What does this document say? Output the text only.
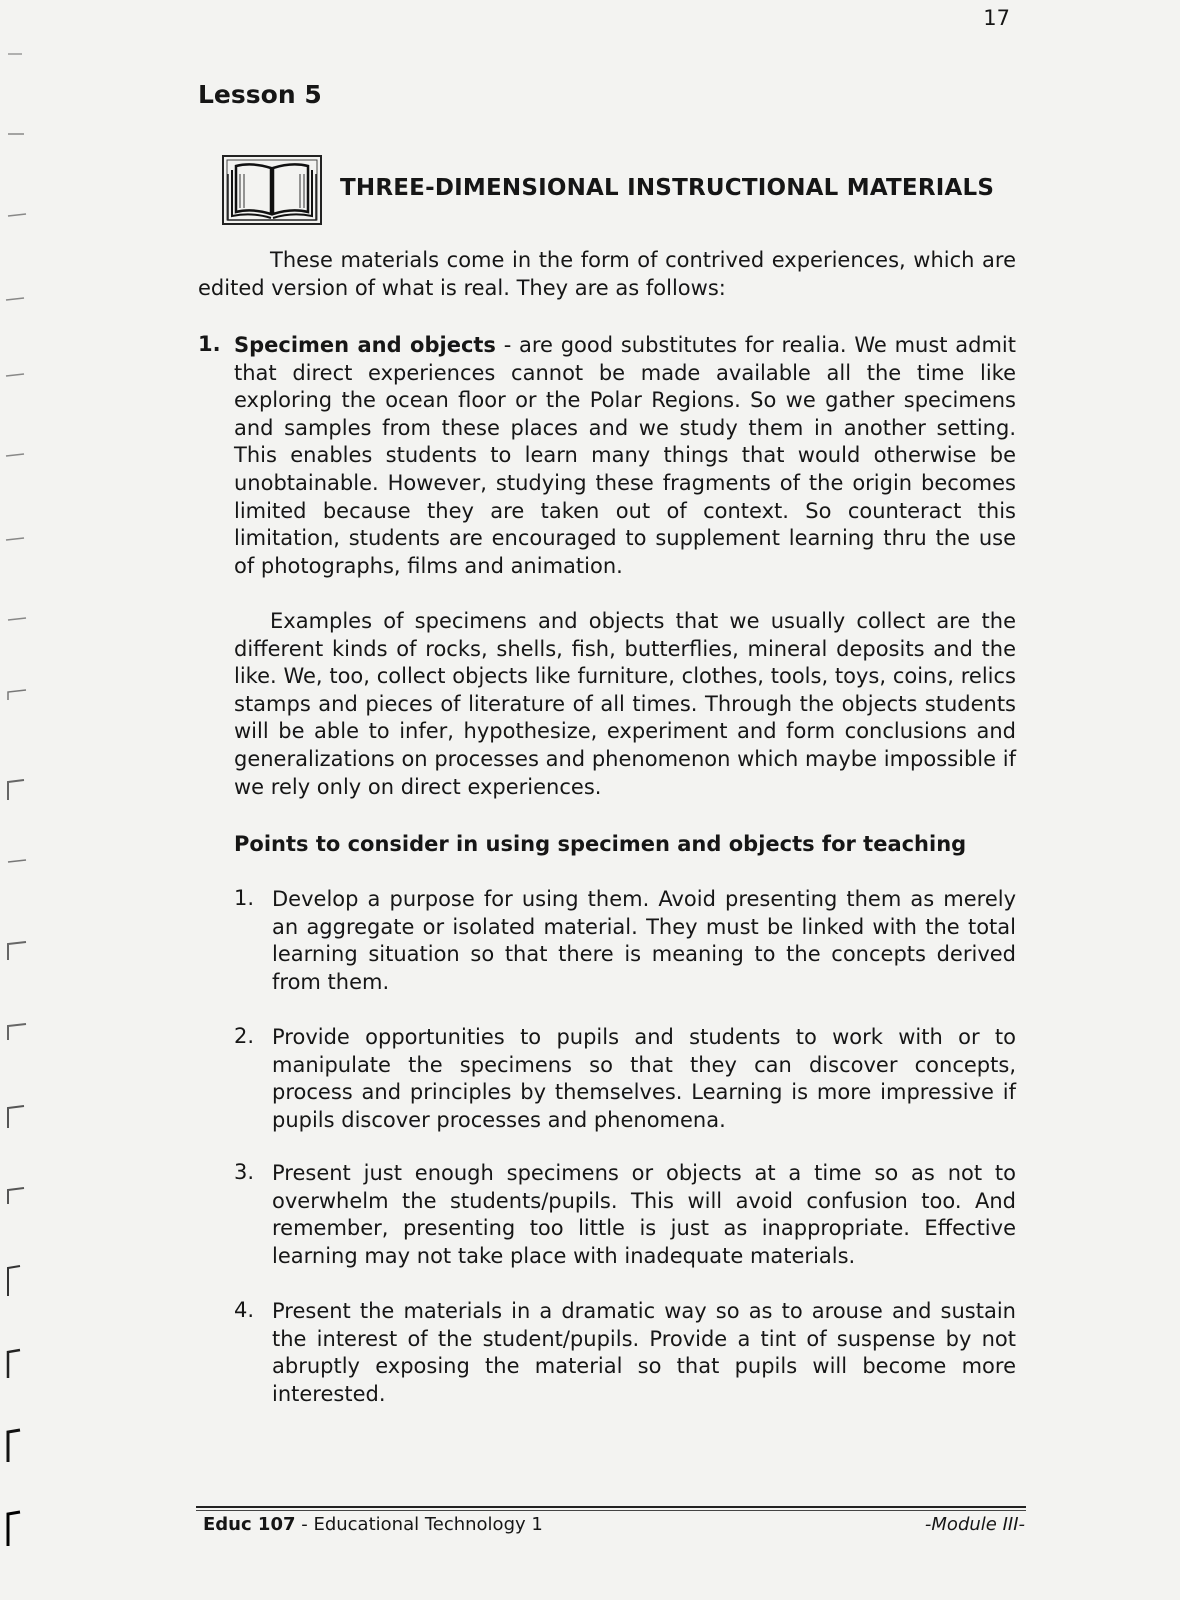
17
Lesson 5
THREE-DIMENSIONAL INSTRUCTIONAL MATERIALS

These materials come in the form of contrived experiences, which are edited version of what is real. They are as follows:

1. Specimen and objects - are good substitutes for realia. We must admit that direct experiences cannot be made available all the time like exploring the ocean floor or the Polar Regions. So we gather specimens and samples from these places and we study them in another setting. This enables students to learn many things that would otherwise be unobtainable. However, studying these fragments of the origin becomes limited because they are taken out of context. So counteract this limitation, students are encouraged to supplement learning thru the use of photographs, films and animation.

Examples of specimens and objects that we usually collect are the different kinds of rocks, shells, fish, butterflies, mineral deposits and the like. We, too, collect objects like furniture, clothes, tools, toys, coins, relics stamps and pieces of literature of all times. Through the objects students will be able to infer, hypothesize, experiment and form conclusions and generalizations on processes and phenomenon which maybe impossible if we rely only on direct experiences.

Points to consider in using specimen and objects for teaching

1. Develop a purpose for using them. Avoid presenting them as merely an aggregate or isolated material. They must be linked with the total learning situation so that there is meaning to the concepts derived from them.
2. Provide opportunities to pupils and students to work with or to manipulate the specimens so that they can discover concepts, process and principles by themselves. Learning is more impressive if pupils discover processes and phenomena.
3. Present just enough specimens or objects at a time so as not to overwhelm the students/pupils. This will avoid confusion too. And remember, presenting too little is just as inappropriate. Effective learning may not take place with inadequate materials.
4. Present the materials in a dramatic way so as to arouse and sustain the interest of the student/pupils. Provide a tint of suspense by not abruptly exposing the material so that pupils will become more interested.
Educ 107 - Educational Technology 1	-Module III-
